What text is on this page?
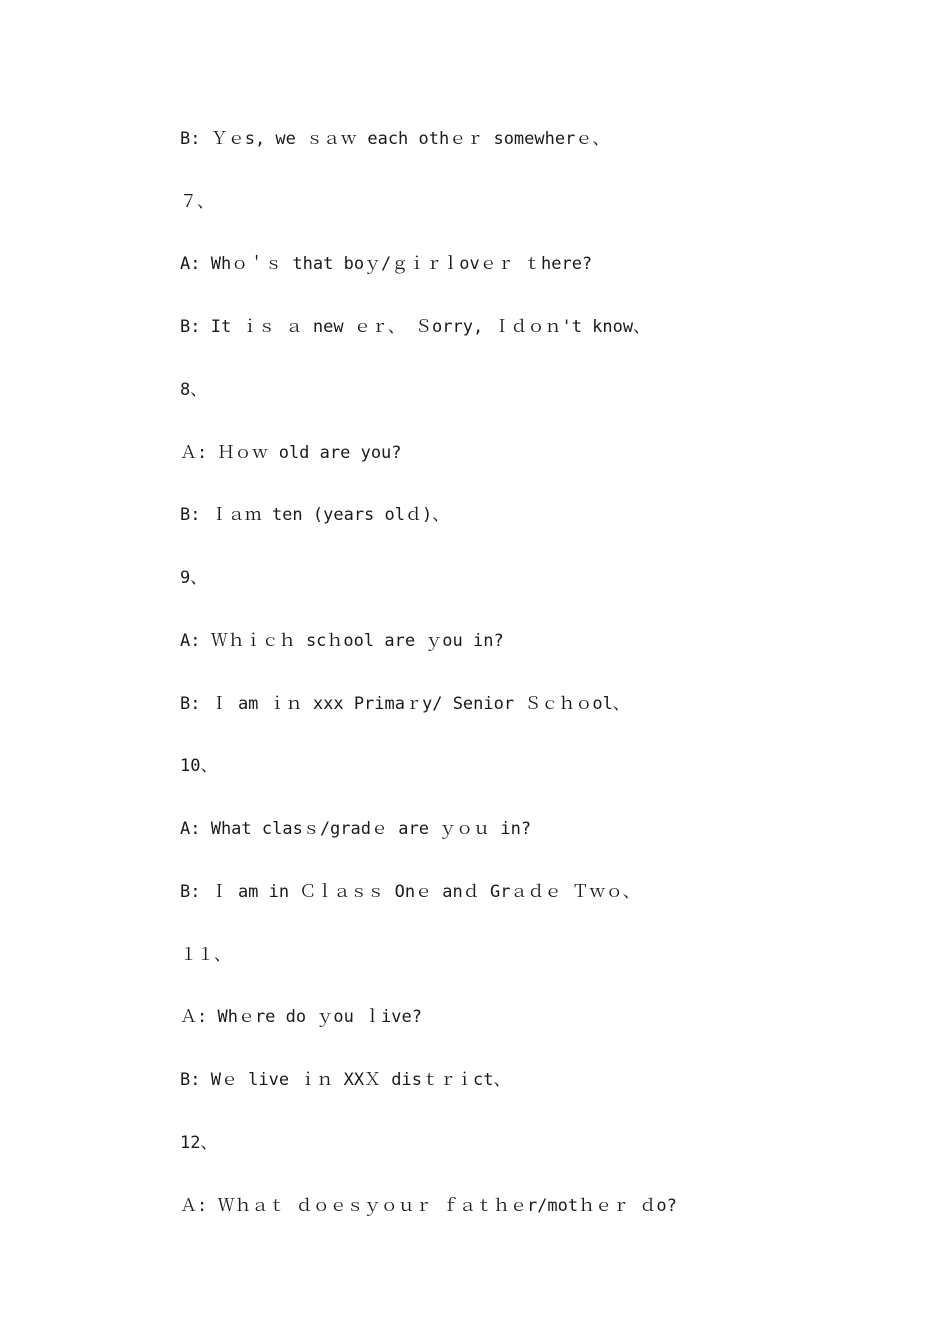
B: Ｙｅs, we ｓａｗ each othｅｒ somewherｅ、
７、
A: Whｏ＇ｓ that boｙ/ｇｉｒｌovｅｒ ｔhere?
B: It ｉｓ ａ new ｅｒ、 Ｓorry, Ｉｄｏｎ't know、
8、
Ａ: Ｈｏｗ old are you?
B: Ｉａｍ ten (years olｄ)、
9、
A: Ｗｈｉｃｈ scｈool are ｙou in?
B: Ｉ am ｉｎ xxx Primaｒy/ Senior Ｓｃｈｏol、
10、
A: What clasｓ/gradｅ are ｙｏｕ in?
B: Ｉ am in Ｃｌａｓｓ Onｅ anｄ Grａｄｅ Ｔｗｏ、
１１、
Ａ: Whｅre do ｙou ｌive?
B: Wｅ live ｉｎ XXＸ disｔｒｉct、
12、
Ａ: Ｗｈａｔ ｄｏｅｓｙｏｕｒ ｆａｔｈｅr/motｈｅｒ ｄo?
